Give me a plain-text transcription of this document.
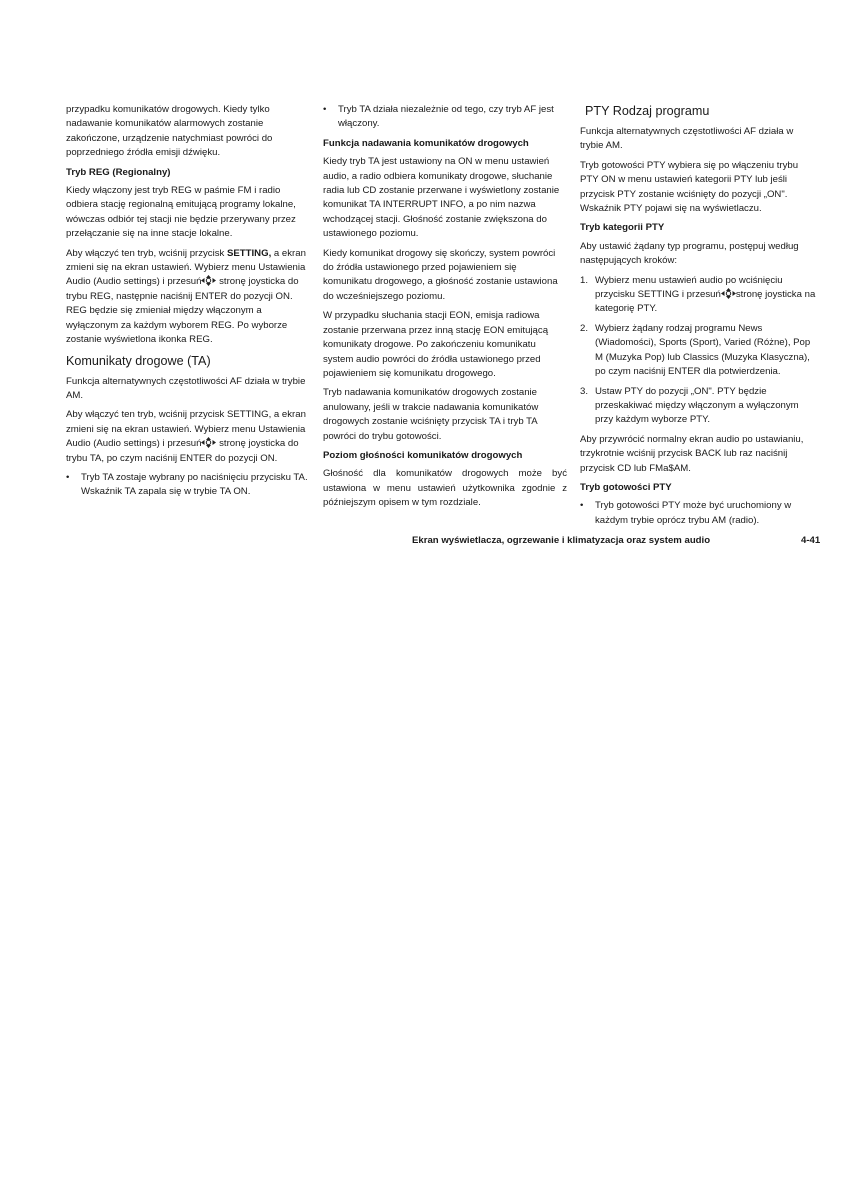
przypadku komunikatów drogowych. Kiedy tylko nadawanie komunikatów alarmowych zostanie zakończone, urządzenie natychmiast powróci do poprzedniego źródła emisji dźwięku.

Tryb REG (Regionalny)

Kiedy włączony jest tryb REG w paśmie FM i radio odbiera stację regionalną emitującą programy lokalne, wówczas odbiór tej stacji nie będzie przerywany przez przełączanie się na inne stacje lokalne.

Aby włączyć ten tryb, wciśnij przycisk SETTING, a ekran zmieni się na ekran ustawień. Wybierz menu Ustawienia Audio (Audio settings) i przesuń stronę joysticka do trybu REG, następnie naciśnij ENTER do pozycji ON. REG będzie się zmieniał między włączonym a wyłączonym za każdym wyborem REG. Po wyborze zostanie wyświetlona ikonka REG.

Komunikaty drogowe (TA)

Funkcja alternatywnych częstotliwości AF działa w trybie AM.

Aby włączyć ten tryb, wciśnij przycisk SETTING, a ekran zmieni się na ekran ustawień. Wybierz menu Ustawienia Audio (Audio settings) i przesuń stronę joysticka do trybu TA, po czym naciśnij ENTER do pozycji ON.

• Tryb TA zostaje wybrany po naciśnięciu przycisku TA. Wskaźnik TA zapala się w trybie TA ON.
• Tryb TA działa niezależnie od tego, czy tryb AF jest włączony.
Funkcja nadawania komunikatów drogowych

Kiedy tryb TA jest ustawiony na ON w menu ustawień audio, a radio odbiera komunikaty drogowe, słuchanie radia lub CD zostanie przerwane i wyświetlony zostanie komunikat TA INTERRUPT INFO, a po nim nazwa wchodzącej stacji. Głośność zostanie zwiększona do ustawionego poziomu.

Kiedy komunikat drogowy się skończy, system powróci do źródła ustawionego przed pojawieniem się komunikatu drogowego, a głośność zostanie ustawiona do wcześniejszego poziomu.

W przypadku słuchania stacji EON, emisja radiowa zostanie przerwana przez inną stację EON emitującą komunikaty drogowe. Po zakończeniu komunikatu system audio powróci do źródła ustawionego przed pojawieniem się komunikatu drogowego.

Tryb nadawania komunikatów drogowych zostanie anulowany, jeśli w trakcie nadawania komunikatów drogowych zostanie wciśnięty przycisk TA i tryb TA powróci do trybu gotowości.

Poziom głośności komunikatów drogowych

Głośność dla komunikatów drogowych może być ustawiona w menu ustawień użytkownika zgodnie z późniejszym opisem w tym rozdziale.

PTY Rodzaj programu

Funkcja alternatywnych częstotliwości AF działa w trybie AM.

Tryb gotowości PTY wybiera się po włączeniu trybu PTY ON w menu ustawień kategorii PTY lub jeśli przycisk PTY zostanie wciśnięty do pozycji „ON". Wskaźnik PTY pojawi się na wyświetlaczu.

Tryb kategorii PTY

Aby ustawić żądany typ programu, postępuj według następujących kroków:

1. Wybierz menu ustawień audio po wciśnięciu przycisku SETTING i przesuń stronę joysticka na kategorię PTY.
2. Wybierz żądany rodzaj programu News (Wiadomości), Sports (Sport), Varied (Różne), Pop M (Muzyka Pop) lub Classics (Muzyka Klasyczna), po czym naciśnij ENTER dla potwierdzenia.
3. Ustaw PTY do pozycji „ON". PTY będzie przeskakiwać między włączonym a wyłączonym przy każdym wyborze PTY.

Aby przywrócić normalny ekran audio po ustawianiu, trzykrotnie wciśnij przycisk BACK lub raz naciśnij przycisk CD lub FMa$AM.

Tryb gotowości PTY
• Tryb gotowości PTY może być uruchomiony w każdym trybie oprócz trybu AM (radio).
Ekran wyświetlacza, ogrzewanie i klimatyzacja oraz system audio	4-41
